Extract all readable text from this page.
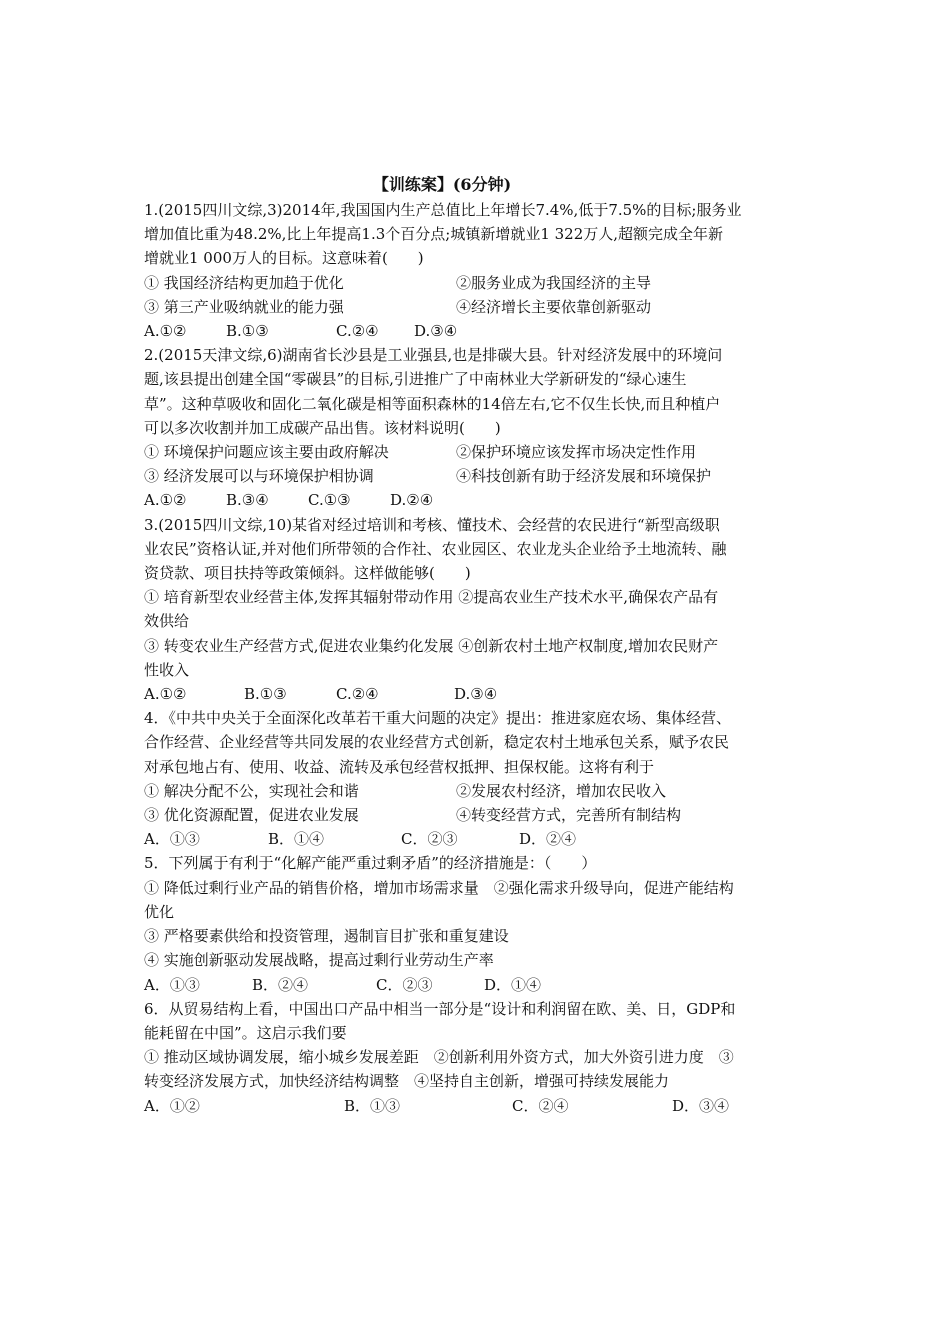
【训练案】(6分钟)
1.(2015四川文综,3)2014年,我国国内生产总值比上年增长7.4%,低于7.5%的目标;服务业
增加值比重为48.2%,比上年提高1.3个百分点;城镇新增就业1 322万人,超额完成全年新
增就业1 000万人的目标。这意味着(　　)
① 我国经济结构更加趋于优化	②服务业成为我国经济的主导
③ 第三产业吸纳就业的能力强	④经济增长主要依靠创新驱动
A.①②	B.①③	C.②④	D.③④
2.(2015天津文综,6)湖南省长沙县是工业强县,也是排碳大县。针对经济发展中的环境问
题,该县提出创建全国“零碳县”的目标,引进推广了中南林业大学新研发的“绿心速生
草”。这种草吸收和固化二氧化碳是相等面积森林的14倍左右,它不仅生长快,而且种植户
可以多次收割并加工成碳产品出售。该材料说明(　　)
① 环境保护问题应该主要由政府解决	②保护环境应该发挥市场决定性作用
③ 经济发展可以与环境保护相协调	④科技创新有助于经济发展和环境保护
A.①②	B.③④	C.①③	D.②④
3.(2015四川文综,10)某省对经过培训和考核、懂技术、会经营的农民进行“新型高级职
业农民”资格认证,并对他们所带领的合作社、农业园区、农业龙头企业给予土地流转、融
资贷款、项目扶持等政策倾斜。这样做能够(　　)
① 培育新型农业经营主体,发挥其辐射带动作用 ②提高农业生产技术水平,确保农产品有
效供给
③ 转变农业生产经营方式,促进农业集约化发展 ④创新农村土地产权制度,增加农民财产
性收入
A.①②	B.①③	C.②④	D.③④
4．《中共中央关于全面深化改革若干重大问题的决定》提出：推进家庭农场、集体经营、
合作经营、企业经营等共同发展的农业经营方式创新，稳定农村土地承包关系，赋予农民
对承包地占有、使用、收益、流转及承包经营权抵押、担保权能。这将有利于
① 解决分配不公，实现社会和谐	②发展农村经济，增加农民收入
③ 优化资源配置，促进农业发展	④转变经营方式，完善所有制结构
A．①③	B．①④	C．②③	D．②④
5．下列属于有利于“化解产能严重过剩矛盾”的经济措施是：（　　）
① 降低过剩行业产品的销售价格，增加市场需求量　②强化需求升级导向，促进产能结构
优化
③ 严格要素供给和投资管理，遏制盲目扩张和重复建设
④ 实施创新驱动发展战略，提高过剩行业劳动生产率
A．①③	B．②④	C．②③	D．①④
6．从贸易结构上看，中国出口产品中相当一部分是“设计和利润留在欧、美、日，GDP和
能耗留在中国”。这启示我们要
① 推动区域协调发展，缩小城乡发展差距　②创新利用外资方式，加大外资引进力度　③
转变经济发展方式，加快经济结构调整　④坚持自主创新，增强可持续发展能力
A．①②	B．①③	C．②④	D．③④
